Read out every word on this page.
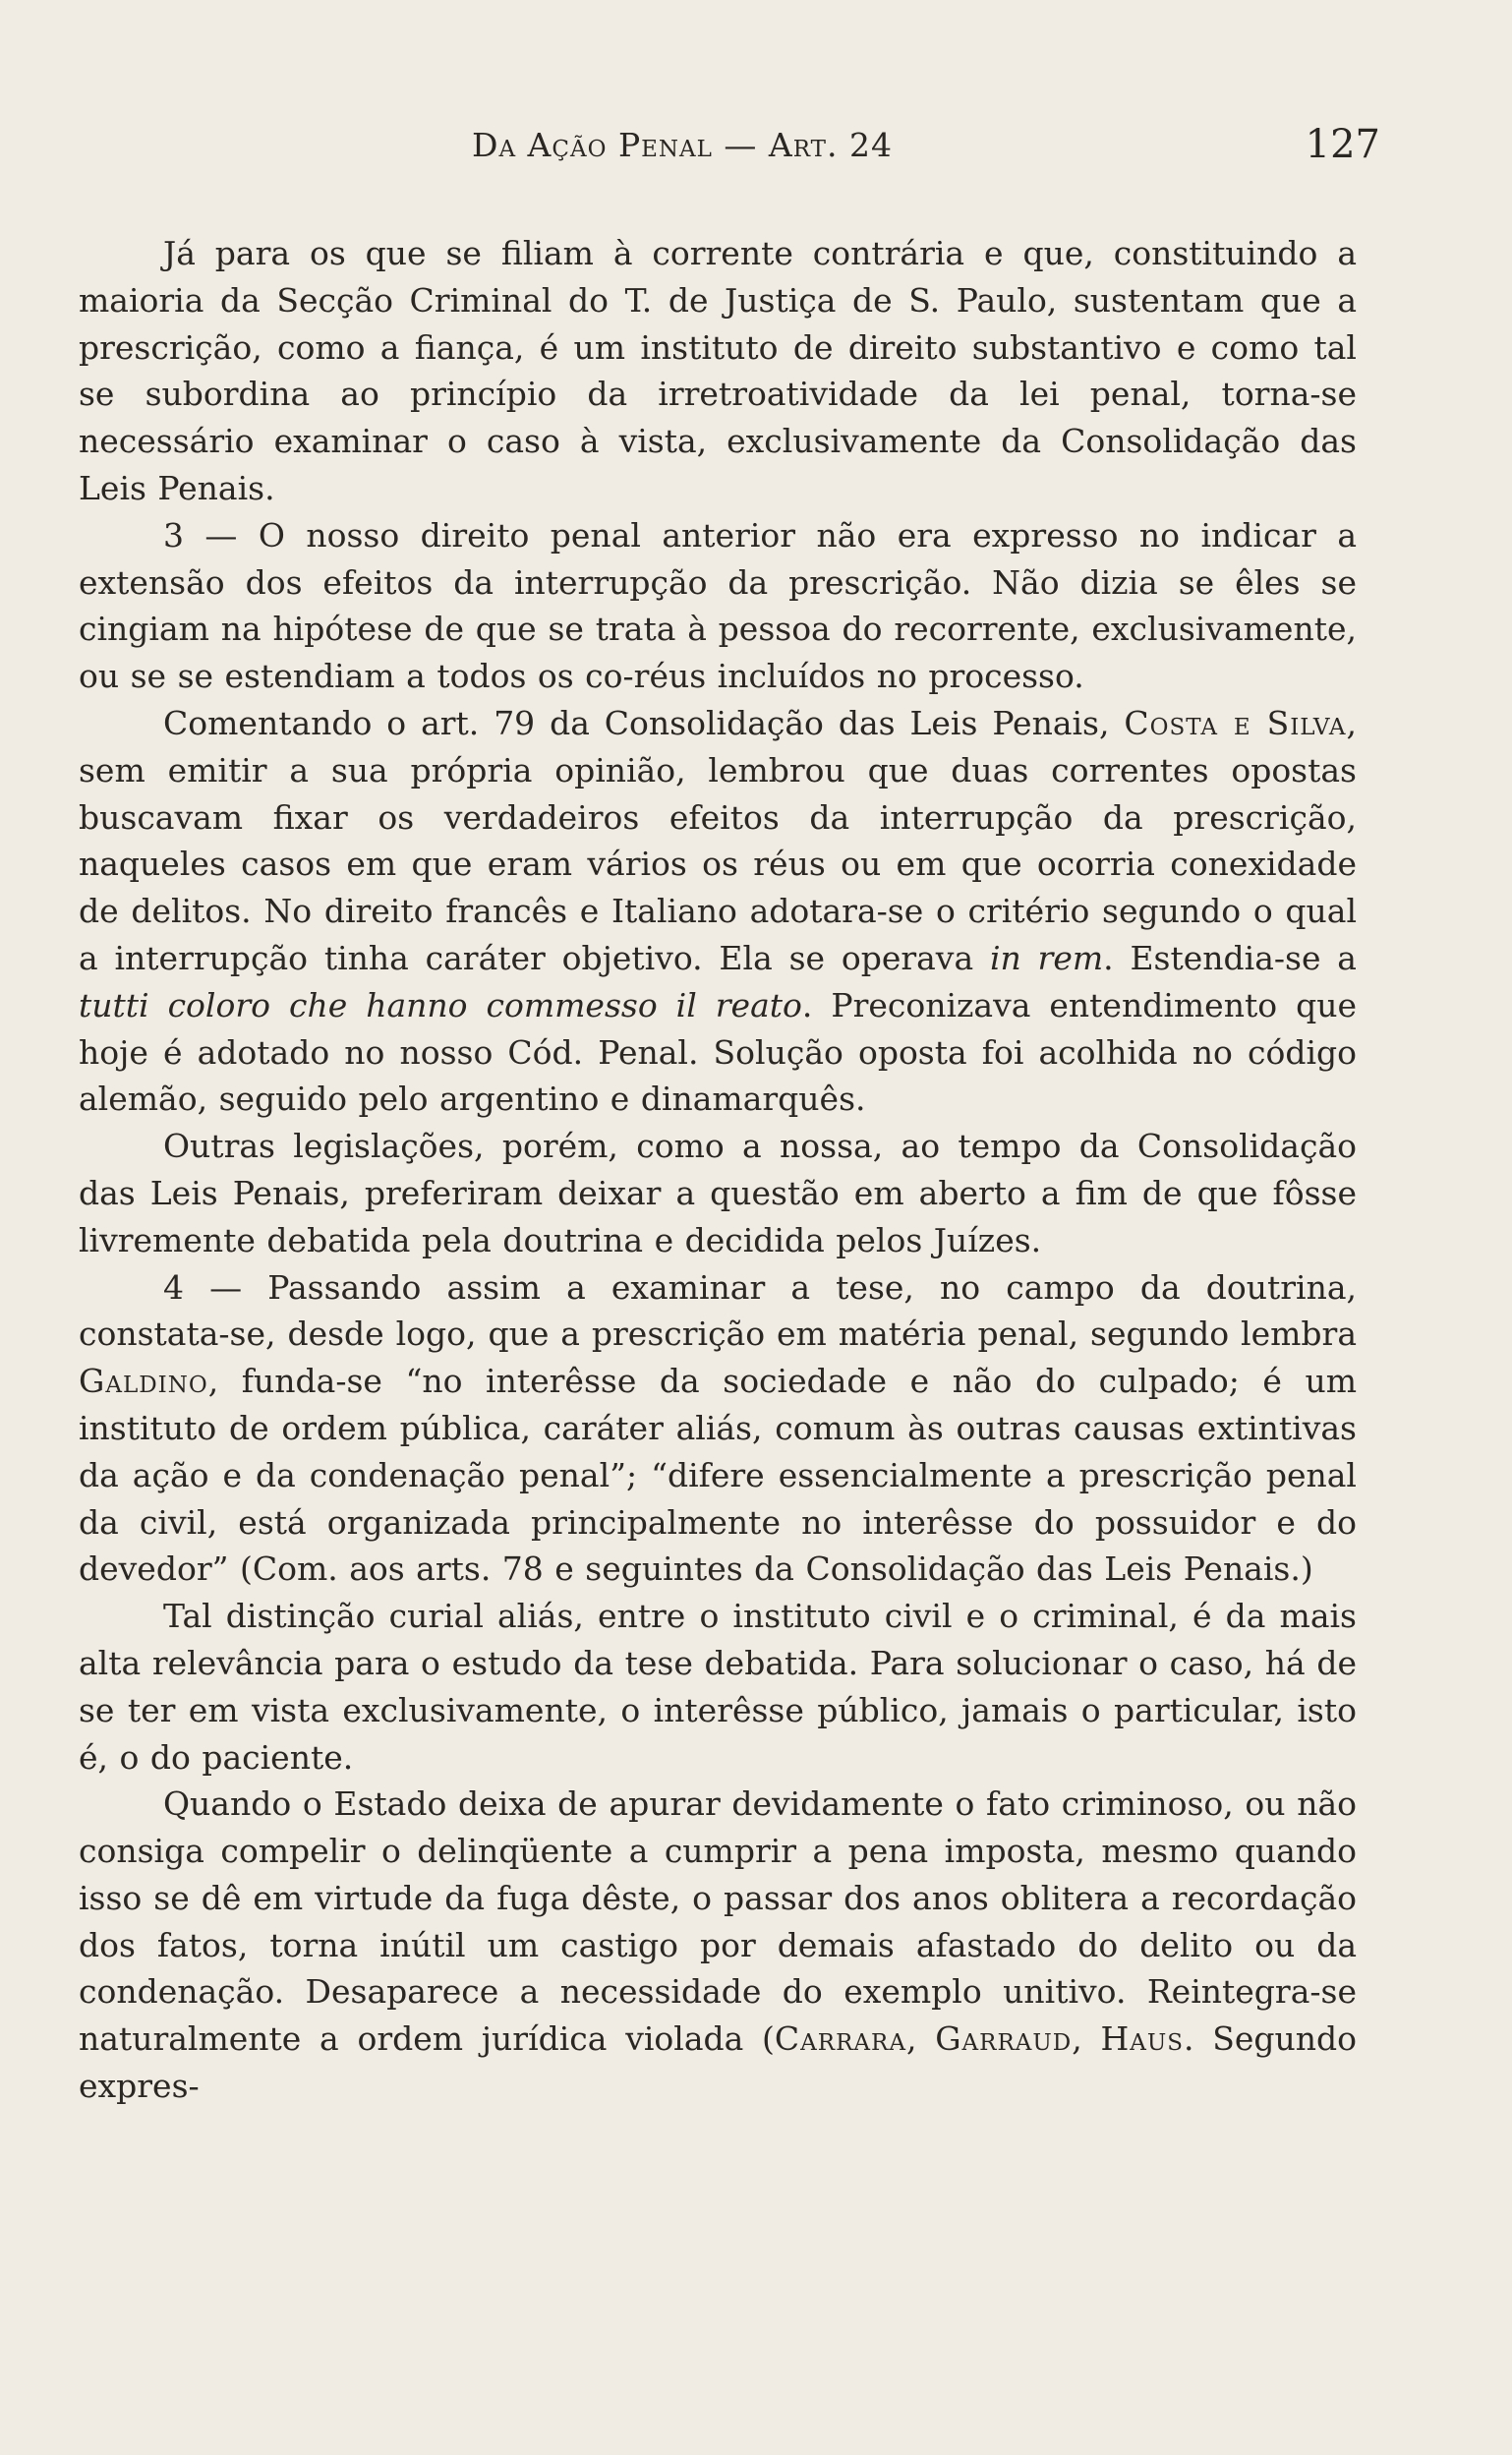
Da Ação Penal — Art. 24	127

Já para os que se filiam à corrente contrária e que, constituindo a maioria da Secção Criminal do T. de Justiça de S. Paulo, sustentam que a prescrição, como a fiança, é um instituto de direito substantivo e como tal se subordina ao princípio da irretroatividade da lei penal, torna-se necessário examinar o caso à vista, exclusivamente da Consolidação das Leis Penais.

3 — O nosso direito penal anterior não era expresso no indicar a extensão dos efeitos da interrupção da prescrição. Não dizia se êles se cingiam na hipótese de que se trata à pessoa do recorrente, exclusivamente, ou se se estendiam a todos os co-réus incluídos no processo.

Comentando o art. 79 da Consolidação das Leis Penais, Costa e Silva, sem emitir a sua própria opinião, lembrou que duas correntes opostas buscavam fixar os verdadeiros efeitos da interrupção da prescrição, naqueles casos em que eram vários os réus ou em que ocorria conexidade de delitos. No direito francês e Italiano adotara-se o critério segundo o qual a interrupção tinha caráter objetivo. Ela se operava in rem. Estendia-se a tutti coloro che hanno commesso il reato. Preconizava entendimento que hoje é adotado no nosso Cód. Penal. Solução oposta foi acolhida no código alemão, seguido pelo argentino e dinamarquês.

Outras legislações, porém, como a nossa, ao tempo da Consolidação das Leis Penais, preferiram deixar a questão em aberto a fim de que fôsse livremente debatida pela doutrina e decidida pelos Juízes.

4 — Passando assim a examinar a tese, no campo da doutrina, constata-se, desde logo, que a prescrição em matéria penal, segundo lembra Galdino, funda-se “no interêsse da sociedade e não do culpado; é um instituto de ordem pública, caráter aliás, comum às outras causas extintivas da ação e da condenação penal”; “difere essencialmente a prescrição penal da civil, está organizada principalmente no interêsse do possuidor e do devedor” (Com. aos arts. 78 e seguintes da Consolidação das Leis Penais.)

Tal distinção curial aliás, entre o instituto civil e o criminal, é da mais alta relevância para o estudo da tese debatida. Para solucionar o caso, há de se ter em vista exclusivamente, o interêsse público, jamais o particular, isto é, o do paciente.

Quando o Estado deixa de apurar devidamente o fato criminoso, ou não consiga compelir o delinqüente a cumprir a pena imposta, mesmo quando isso se dê em virtude da fuga dêste, o passar dos anos oblitera a recordação dos fatos, torna inútil um castigo por demais afastado do delito ou da condenação. Desaparece a necessidade do exemplo unitivo. Reintegra-se naturalmente a ordem jurídica violada (Carrara, Garraud, Haus. Segundo expres-
